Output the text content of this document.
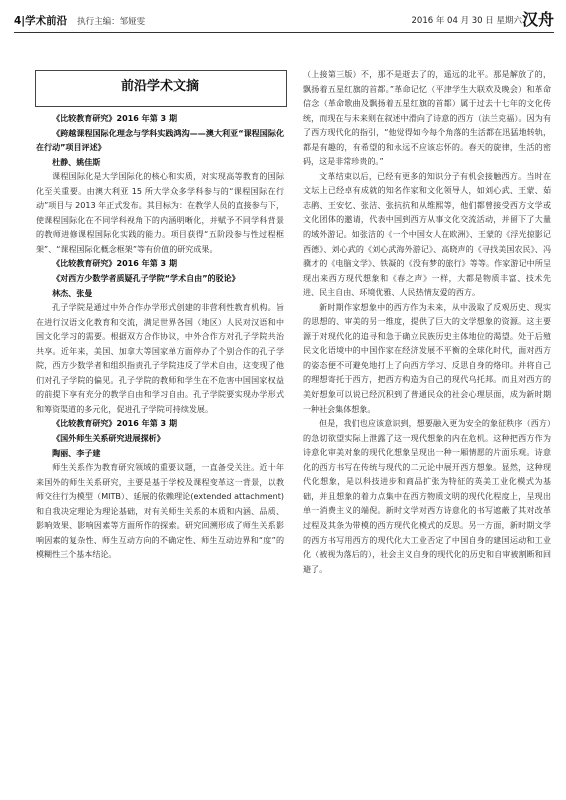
4|学术前沿 执行主编：邹娅雯	2016 年 04 月 30 日 星期六 汉舟
前沿学术文摘

《比较教育研究》2016 年第 3 期

《跨越课程国际化理念与学科实践鸿沟——澳大利亚“课程国际化在行动”项目评述》

杜静、姚佳斯

课程国际化是大学国际化的核心和实质，对实现高等教育的国际化至关重要。由澳大利亚 15 所大学众多学科参与的“课程国际在行动”项目与 2013 年正式发布。其目标为：在教学人员的直接参与下，使课程国际化在不同学科视角下的内涵明晰化，并赋予不同学科背景的教师进修课程国际化实践的能力。项目获得“五阶段参与性过程框架”、“课程国际化概念框架”等有价值的研究成果。

《比较教育研究》2016 年第 3 期

《对西方少数学者质疑孔子学院“学术自由”的驳论》

林杰、张曼

孔子学院是通过中外合作办学形式创建的非营利性教育机构。旨在进行汉语文化教育和交流，满足世界各国（地区）人民对汉语和中国文化学习的需要。根据双方合作协议，中外合作方对孔子学院共治共享。近年来，美国、加拿大等国家单方面停办了个别合作的孔子学院，西方少数学者和组织指责孔子学院违反了学术自由，这变现了他们对孔子学院的偏见。孔子学院的教师和学生在不危害中国国家权益的前提下享有充分的教学自由和学习自由。孔子学院要实现办学形式和筹资渠道的多元化，促进孔子学院可持续发展。

《比较教育研究》2016 年第 3 期

《国外师生关系研究进展探析》

陶丽、李子建

师生关系作为教育研究领域的重要议题，一直备受关注。近十年来国外的师生关系研究，主要是基于学校及课程变革这一背景，以教师交往行为模型（MITB）、延展的依赖理论(extended attachment)和自我决定理论为理论基础，对有关师生关系的本质和内涵、品质、影响效果、影响因素等方面所作的探索。研究回溯形成了师生关系影响因素的复杂性、师生互动方向的不确定性、师生互动边界和“度”的模糊性三个基本结论。

（上接第三版）不，那不是逝去了的，遥远的北平。那是解放了的，飘扬着五星红旗的首都。”革命记忆（平津学生大联欢及晚会）和革命信念（革命歌曲及飘扬着五星红旗的首都）属于过去十七年的文化传统，而现在与未来则在叙述中滑向了诗意的西方（法兰克福）。因为有了西方现代化的指引，“他觉得如今每个角落的生活都在迅猛地转轨，都是有趣的，有希望的和永远不应该忘怀的。春天的旋律，生活的密码，这是非常珍贵的。”

文革结束以后，已经有更多的知识分子有机会接触西方。当时在文坛上已经卓有成就的知名作家和文化领导人，如刘心武、王蒙、茹志鹃、王安忆、张洁、张抗抗和从维熙等，他们都曾接受西方文学或文化团体的邀请，代表中国到西方从事文化交流活动，并留下了大量的域外游记。如张洁的《一个中国女人在欧洲》、王蒙的《浮光掠影记西德》、刘心武的《刘心武海外游记》、高晓声的《寻找美国农民》、冯骥才的《电脑文学》、铁凝的《没有梦的旅行》等等。作家游记中所呈现出来西方现代想象和《春之声》一样，大都是物质丰富、技术先进、民主自由、环境优雅、人民热情友爱的西方。

新时期作家想象中的西方作为未来，从中汲取了反观历史、现实的思想的、审美的另一维度，提供了巨大的文学想象的资源。这主要源于对现代化的追寻和急于确立民族历史主体地位的渴望。处于后殖民文化语境中的中国作家在经济发展不平衡的全球化时代，面对西方的姿态便不可避免地打上了向西方学习、反思自身的烙印。并将自己的理想寄托于西方，把西方构造为自己的现代乌托邦。而且对西方的美好想象可以说已经沉积到了普通民众的社会心理层面，成为新时期一种社会集体想象。

但是，我们也应该意识到，想要融入更为安全的象征秩序（西方）的急切欲望实际上泄露了这一现代想象的内在危机。这种把西方作为诗意化审美对象的现代化想象呈现出一种一厢情愿的片面乐观。诗意化的西方书写在传统与现代的二元论中展开西方想象。显然，这种现代化想象，是以科技进步和商品扩张为特征的英美工业化模式为基础，并且想象的着力点集中在西方物质文明的现代化程度上，呈现出单一消费主义的端倪。新时文学对西方诗意化的书写遮蔽了其对改革过程及其条为带模的西方现代化模式的反思。另一方面，新时期文学的西方书写用西方的现代化大工业否定了中国自身的建国运动和工业化（被视为落后的），社会主义自身的现代化的历史和自审被割断和回避了。
